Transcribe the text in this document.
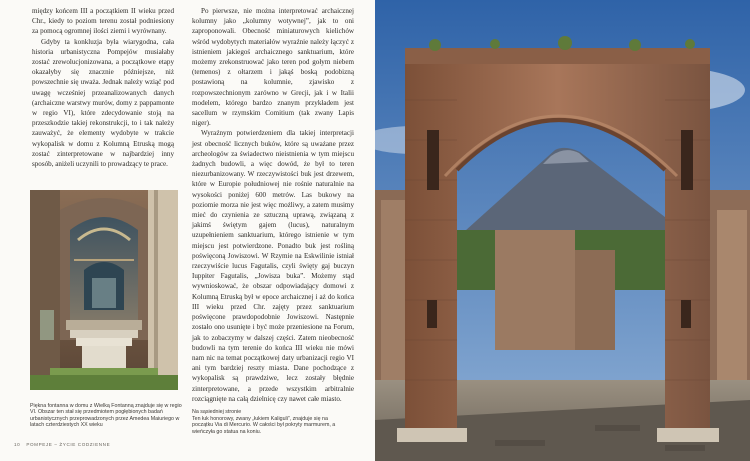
między końcem III a początkiem II wieku przed Chr., kiedy to poziom terenu został podniesiony za pomocą ogromnej ilości ziemi i wyrównany.

Gdyby ta konkluzja była wiarygodna, cała historia urbanistyczna Pompejów musiałaby zostać zrewolucjonizowana, a początkowe etapy okazałyby się znacznie późniejsze, niż powszechnie się uważa. Jednak należy wziąć pod uwagę wcześniej przeanalizowanych danych (archaiczne warstwy murów, domy z pappamonte w regio VI), które zdecydowanie stoją na przeszkodzie takiej rekonstrukcji, to i tak należy zauważyć, że elementy wydobyte w trakcie wykopalisk w domu z Kolumną Etruską mogą zostać zinterpretowane w najbardziej inny sposób, aniżeli uczynili to prowadzący te prace.

Piękna fontanna w domu z Wielką Fontanną znajduje się w regio VI. Obszar ten stał się przedmiotem pogłębionych badań urbanistycznych przeprowadzonych przez Amedea Maiuriego w latach czterdziestych XX wieku

Po pierwsze, nie można interpretować archaicznej kolumny jako „kolumny wotywnej”, jak to oni zaproponowali. Obecność miniaturowych kielichów wśród wydobytych materiałów wyraźnie należy łączyć z istnieniem jakiegoś archaicznego sanktuarium, które możemy zrekonstruować jako teren pod gołym niebem (temenos) z ołtarzem i jakąś boską podobizną postawioną na kolumnie, zjawisko z rozpowszechnionym zarówno w Grecji, jak i w Italii modelem, którego bardzo znanym przykładem jest sacellum w rzymskim Comitium (tak zwany Lapis niger).

Wyraźnym potwierdzeniem dla takiej interpretacji jest obecność licznych buków, które są uważane przez archeologów za świadectwo nieistnienia w tym miejscu żadnych budowli, a więc dowód, że był to teren niezurbanizowany. W rzeczywistości buk jest drzewem, które w Europie południowej nie rośnie naturalnie na wysokości poniżej 600 metrów. Las bukowy na poziomie morza nie jest więc możliwy, a zatem musimy mieć do czynienia ze sztuczną uprawą, związaną z jakimś świętym gajem (lucus), naturalnym uzupełnieniem sanktuarium, którego istnienie w tym miejscu jest potwierdzone. Ponadto buk jest rośliną poświęconą Jowiszowi. W Rzymie na Eskwilinie istniał rzeczywiście lucus Fagutalis, czyli święty gaj buczyn Iuppiter Fagutalis, „Jowisza buka”. Możemy stąd wywnioskować, że obszar odpowiadający domowi z Kolumną Etruską był w epoce archaicznej i aż do końca III wieku przed Chr. zajęty przez sanktuarium poświęcone prawdopodobnie Jowiszowi. Następnie zostało ono usunięte i być może przeniesione na Forum, jak to zobaczymy w dalszej części. Zatem nieobecność budowli na tym terenie do końca III wieku nie mówi nam nic na temat początkowej daty urbanizacji regio VI ani tym bardziej reszty miasta. Dane pochodzące z wykopalisk są prawdziwe, lecz zostały błędnie zinterpretowane, a przede wszystkim arbitralnie rozciągnięte na całą dzielnicę czy nawet całe miasto.

Na sąsiedniej stronie
Ten łuk honorowy, zwany „łukiem Kaliguli”, znajduje się na początku Via di Mercurio. W całości był pokryty marmurem, a wieńczyła go statua na koniu.

10 POMPEJE – ŻYCIE CODZIENNE
